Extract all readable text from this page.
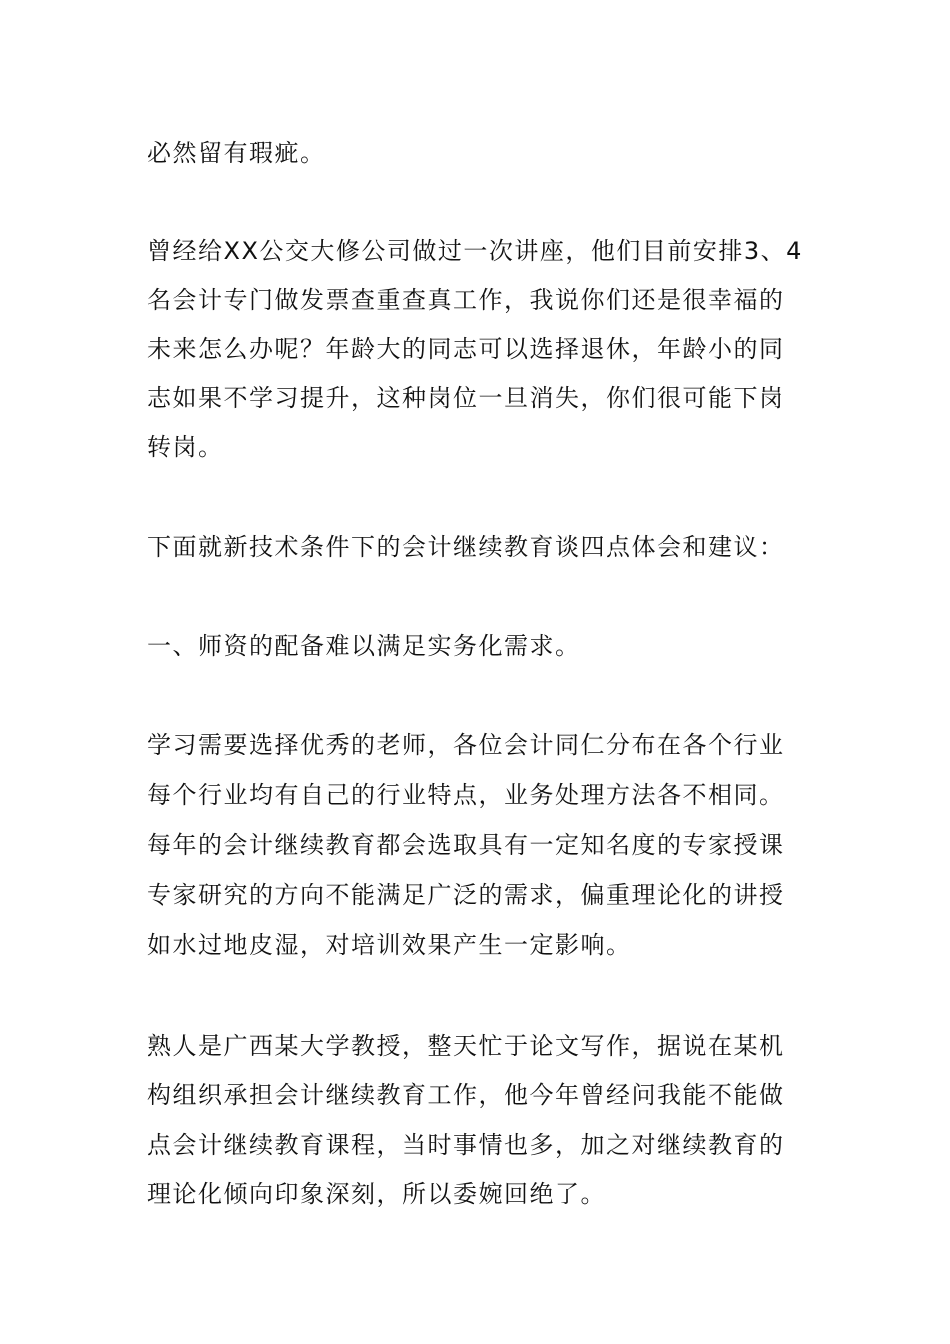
必然留有瑕疵。
曾经给XX公交大修公司做过一次讲座，他们目前安排3、4
名会计专门做发票查重查真工作，我说你们还是很幸福的
未来怎么办呢？年龄大的同志可以选择退休，年龄小的同
志如果不学习提升，这种岗位一旦消失，你们很可能下岗
转岗。
下面就新技术条件下的会计继续教育谈四点体会和建议：
一、师资的配备难以满足实务化需求。
学习需要选择优秀的老师，各位会计同仁分布在各个行业
每个行业均有自己的行业特点，业务处理方法各不相同。
每年的会计继续教育都会选取具有一定知名度的专家授课
专家研究的方向不能满足广泛的需求，偏重理论化的讲授
如水过地皮湿，对培训效果产生一定影响。
熟人是广西某大学教授，整天忙于论文写作，据说在某机
构组织承担会计继续教育工作，他今年曾经问我能不能做
点会计继续教育课程，当时事情也多，加之对继续教育的
理论化倾向印象深刻，所以委婉回绝了。
